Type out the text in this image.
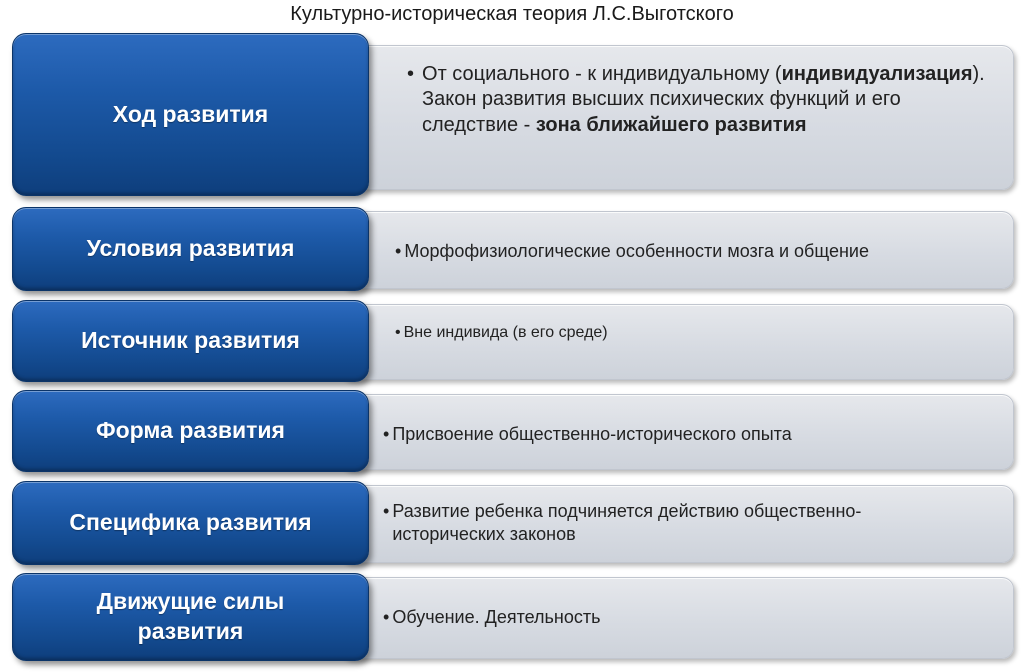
Культурно-историческая теория Л.С.Выготского
• От социального - к индивидуальному (индивидуализация). Закон развития высших психических функций и его следствие - зона ближайшего развития
Ход развития
• Морфофизиологические особенности мозга и общение
Условия развития
• Вне индивида (в его среде)
Источник развития
• Присвоение общественно-исторического опыта
Форма развития
• Развитие ребенка подчиняется действию общественно-исторических законов
Специфика развития
• Обучение. Деятельность
Движущие силы
развития
